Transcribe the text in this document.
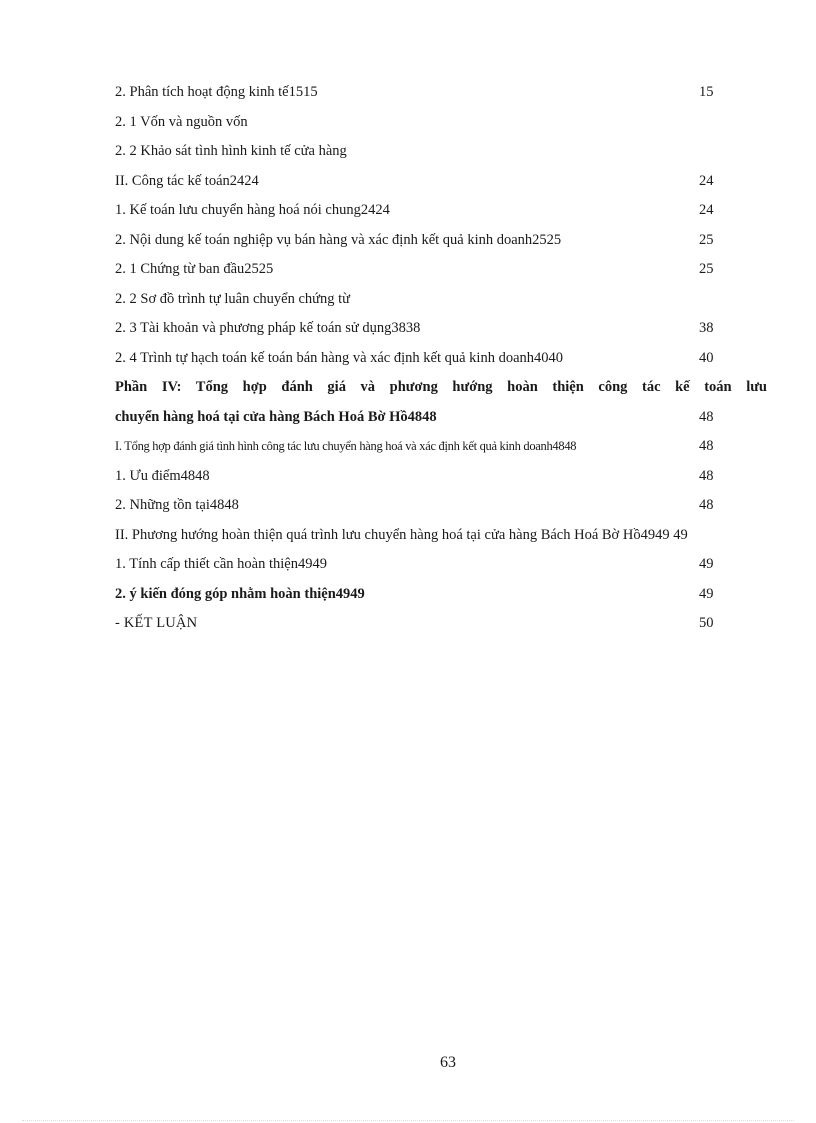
2. Phân tích hoạt động kinh tế1515	15
2. 1 Vốn và nguồn vốn
2. 2 Khảo sát tình hình kinh tế cửa hàng
II. Công tác kế toán2424	24
1. Kế toán lưu chuyển hàng hoá nói chung2424	24
2. Nội dung kế toán nghiệp vụ bán hàng và xác định kết quả kinh doanh2525	25
2. 1 Chứng từ ban đầu2525	25
2. 2 Sơ đồ trình tự luân chuyển chứng từ
2. 3 Tài khoản và phương pháp kế toán sử dụng3838	38
2. 4 Trình tự hạch toán kế toán bán hàng và xác định kết quả kinh doanh4040	40
Phần IV: Tổng hợp đánh giá và phương hướng hoàn thiện công tác kế toán lưu
chuyển hàng hoá tại cửa hàng Bách Hoá Bờ Hồ4848	48
I. Tổng hợp đánh giá tình hình công tác lưu chuyển hàng hoá và xác định kết quả kinh doanh4848	48
1. Ưu điểm4848	48
2. Những tồn tại4848	48
II. Phương hướng hoàn thiện quá trình lưu chuyển hàng hoá tại cửa hàng Bách Hoá Bờ Hồ4949 49
1. Tính cấp thiết cần hoàn thiện4949	49
2. ý kiến đóng góp nhằm hoàn thiện4949	49
- KẾT LUẬN	50
63
